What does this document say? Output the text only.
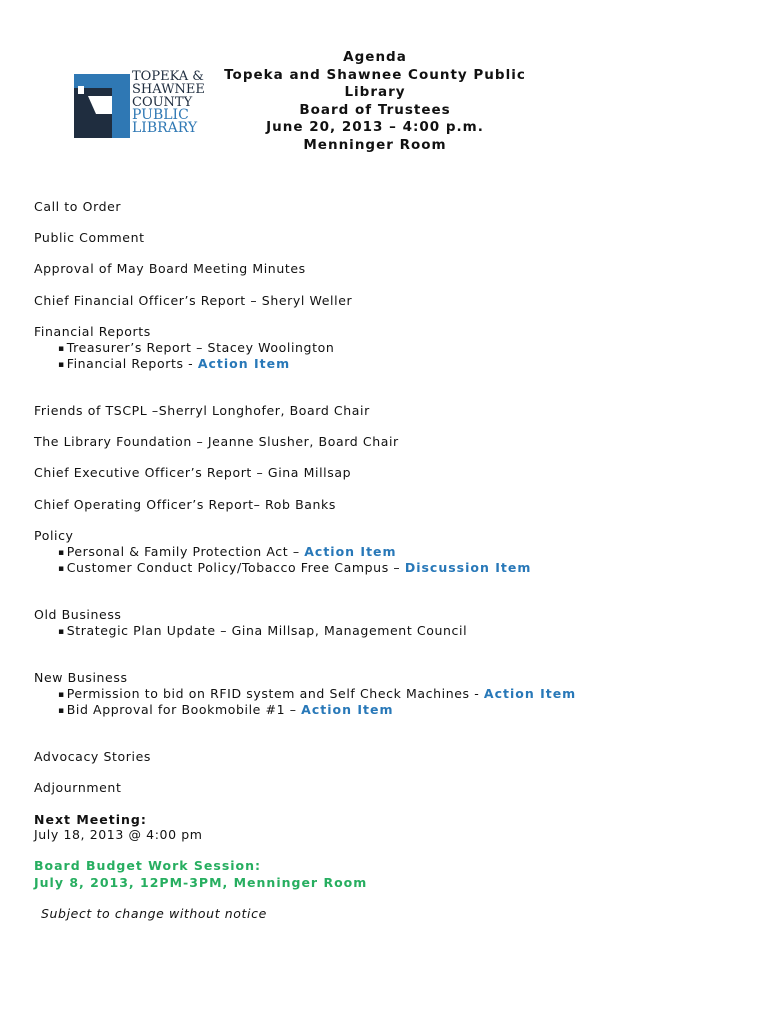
TOPEKA &
SHAWNEE
COUNTY
PUBLIC
LIBRARY
Agenda
Topeka and Shawnee County Public Library
Board of Trustees
June 20, 2013 – 4:00 p.m.
Menninger Room
Call to Order
Public Comment
Approval of May Board Meeting Minutes
Chief Financial Officer’s Report – Sheryl Weller
Financial Reports
▪ Treasurer’s Report – Stacey Woolington
▪ Financial Reports - Action Item
Friends of TSCPL –Sherryl Longhofer, Board Chair
The Library Foundation – Jeanne Slusher, Board Chair
Chief Executive Officer’s Report – Gina Millsap
Chief Operating Officer’s Report– Rob Banks
Policy
▪ Personal & Family Protection Act – Action Item
▪ Customer Conduct Policy/Tobacco Free Campus – Discussion Item
Old Business
▪ Strategic Plan Update – Gina Millsap, Management Council
New Business
▪ Permission to bid on RFID system and Self Check Machines - Action Item
▪ Bid Approval for Bookmobile #1 – Action Item
Advocacy Stories
Adjournment
Next Meeting:
July 18, 2013 @ 4:00 pm
Board Budget Work Session:
July 8, 2013, 12PM-3PM, Menninger Room
Subject to change without notice
